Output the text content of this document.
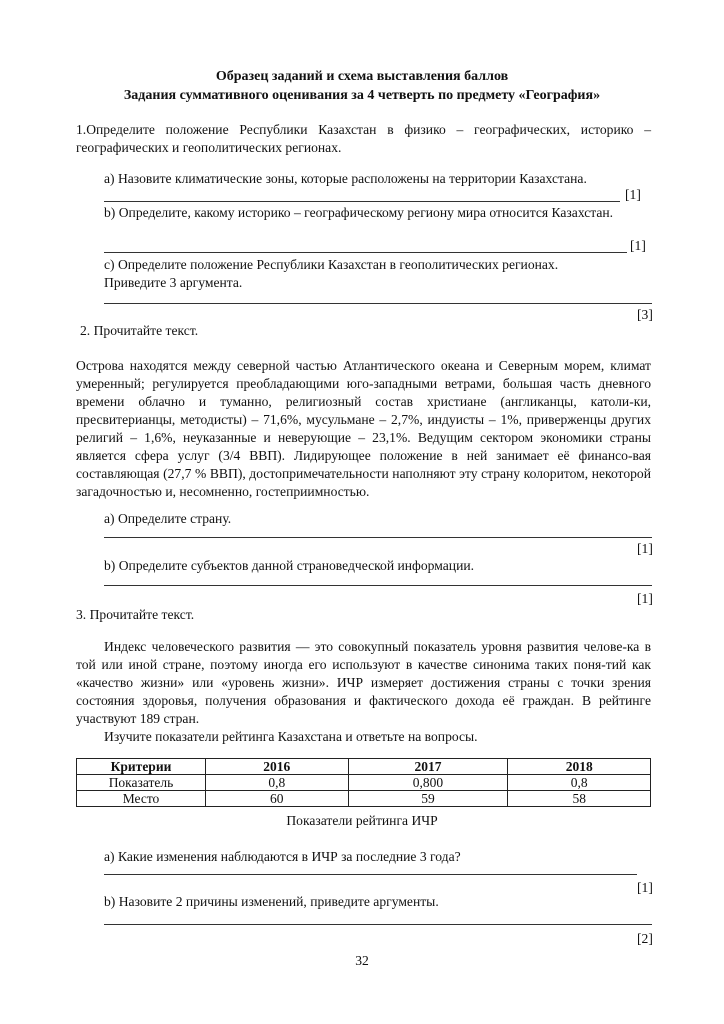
Образец заданий и схема выставления баллов
Задания суммативного оценивания за 4 четверть по предмету «География»
1.Определите положение Республики Казахстан в физико – географических, историко – географических и геополитических регионах.
а) Назовите климатические зоны, которые расположены на территории Казахстана.
[1]
b) Определите, какому историко – географическому региону мира относится Казахстан.
[1]
с) Определите положение Республики Казахстан в геополитических регионах.
Приведите 3 аргумента.
[3]
2. Прочитайте текст.
Острова находятся между северной частью Атлантического океана и Северным морем, климат умеренный; регулируется преобладающими юго-западными ветрами, большая часть дневного времени облачно и туманно, религиозный состав христиане (англиканцы, католи-ки, пресвитерианцы, методисты) – 71,6%, мусульмане – 2,7%, индуисты – 1%, приверженцы других религий – 1,6%, неуказанные и неверующие – 23,1%. Ведущим сектором экономики страны является сфера услуг (3/4 ВВП). Лидирующее положение в ней занимает её финансо-вая составляющая (27,7 % ВВП), достопримечательности наполняют эту страну колоритом, некоторой загадочностью и, несомненно, гостеприимностью.
а) Определите страну.
[1]
b) Определите субъектов данной страноведческой информации.
[1]
3. Прочитайте текст.
Индекс человеческого развития — это совокупный показатель уровня развития челове-ка в той или иной стране, поэтому иногда его используют в качестве синонима таких поня-тий как «качество жизни» или «уровень жизни». ИЧР измеряет достижения страны с точки зрения состояния здоровья, получения образования и фактического дохода её граждан. В рейтинге участвуют 189 стран.
Изучите показатели рейтинга Казахстана и ответьте на вопросы.
Критерии	2016	2017	2018
Показатель	0,8	0,800	0,8
Место	60	59	58
Показатели рейтинга ИЧР
а) Какие изменения наблюдаются в ИЧР за последние 3 года?
[1]
b) Назовите 2 причины изменений, приведите аргументы.
[2]
32
